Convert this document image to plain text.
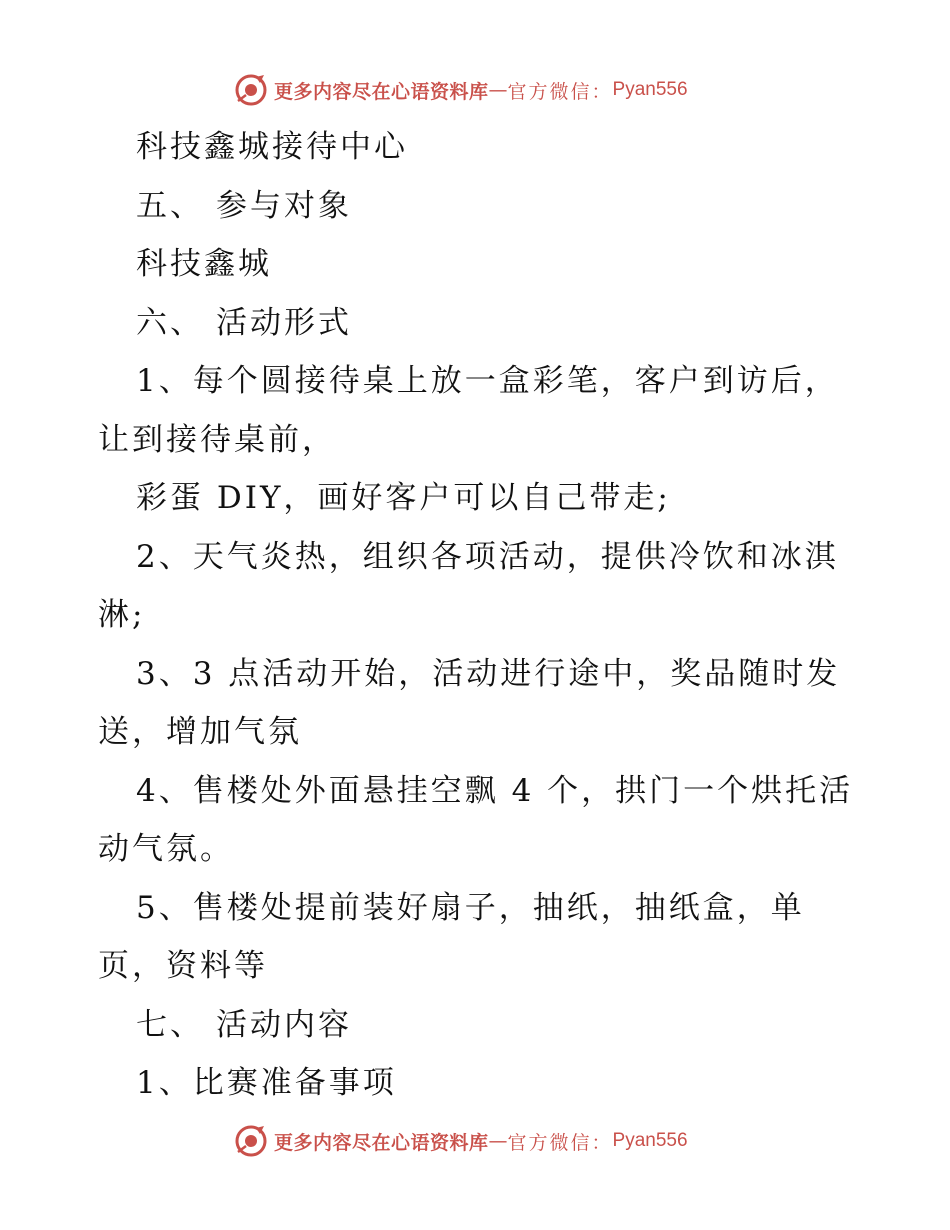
更多内容尽在心语资料库 — 官方微信： Pyan556
科技鑫城接待中心
五、 参与对象
科技鑫城
六、 活动形式
1、每个圆接待桌上放一盒彩笔，客户到访后，
让到接待桌前，
彩蛋 DIY，画好客户可以自己带走;
2、天气炎热，组织各项活动，提供冷饮和冰淇
淋;
3、3 点活动开始，活动进行途中，奖品随时发
送，增加气氛
4、售楼处外面悬挂空飘 4 个，拱门一个烘托活
动气氛。
5、售楼处提前装好扇子，抽纸，抽纸盒，单
页，资料等
七、 活动内容
1、比赛准备事项
更多内容尽在心语资料库 — 官方微信： Pyan556
